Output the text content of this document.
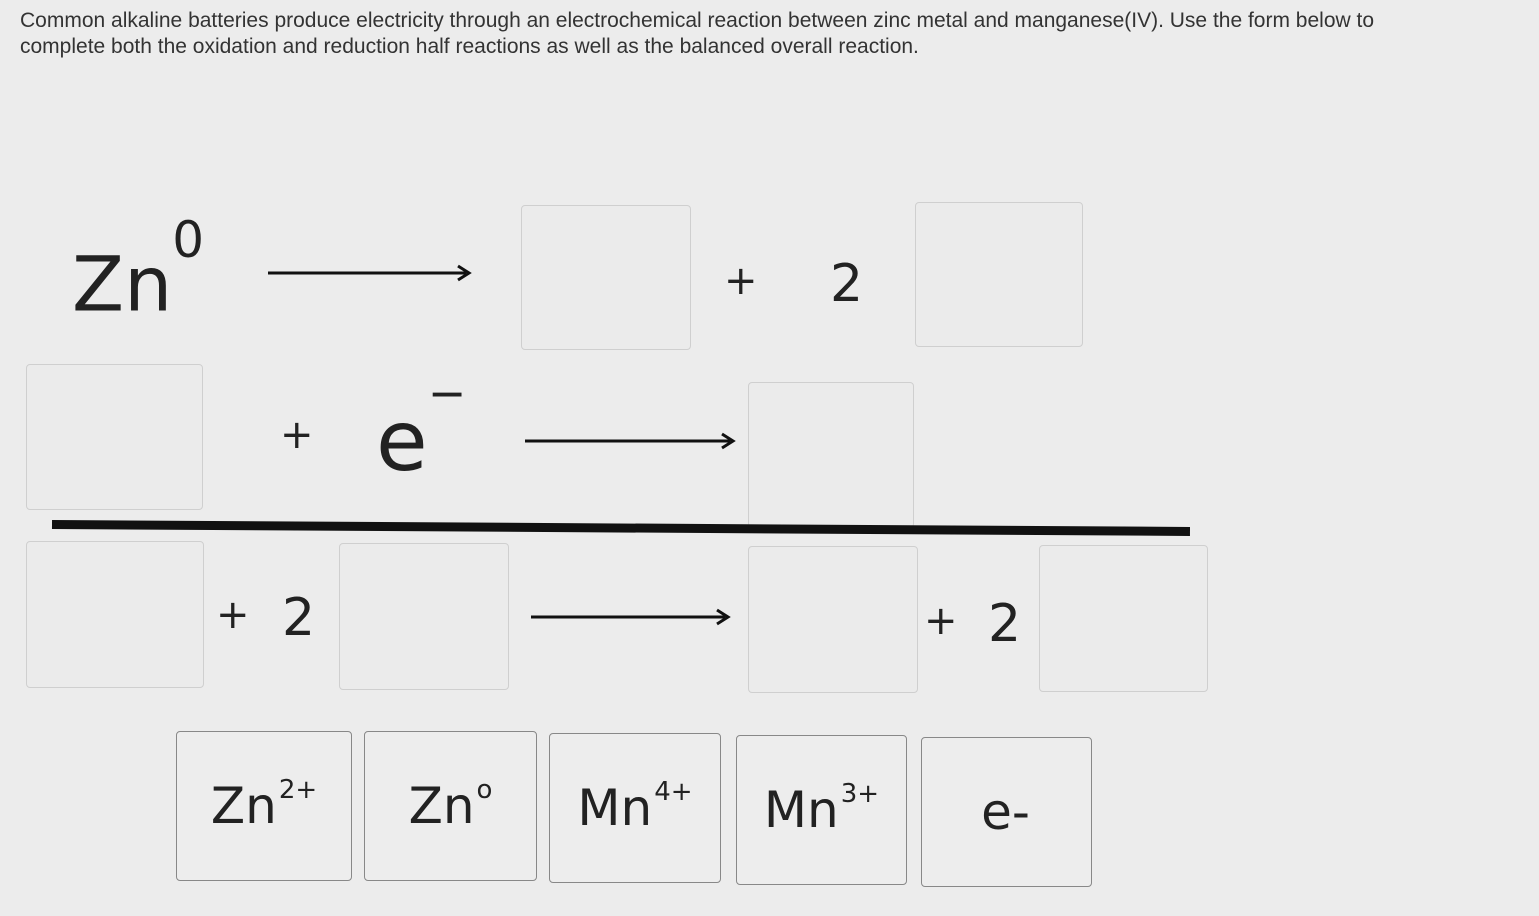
Common alkaline batteries produce electricity through an electrochemical reaction between zinc metal and manganese(IV). Use the form below to complete both the oxidation and reduction half reactions as well as the balanced overall reaction.

$Zn^0$
+ 2
+ e−
+ 2	+ 2
Zn 2+ Zn o Mn 4+ Mn 3+ e-
